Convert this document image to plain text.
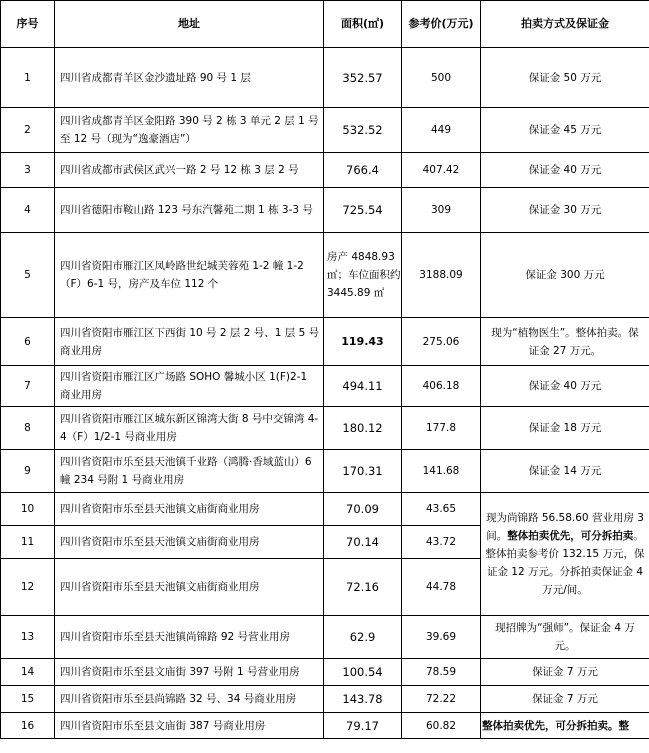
序号	地址	面积(㎡)	参考价(万元)	拍卖方式及保证金
1	四川省成都青羊区金沙遗址路 90 号 1 层	352.57	500	保证金 50 万元
2	四川省成都青羊区金阳路 390 号 2 栋 3 单元 2 层 1 号至 12 号（现为“逸豪酒店”）	532.52	449	保证金 45 万元
3	四川省成都市武侯区武兴一路 2 号 12 栋 3 层 2 号	766.4	407.42	保证金 40 万元
4	四川省德阳市鞍山路 123 号东汽馨苑二期 1 栋 3-3 号	725.54	309	保证金 30 万元
5	四川省资阳市雁江区凤岭路世纪城芙蓉苑 1-2 幢 1-2（F）6-1 号，房产及车位 112 个	房产 4848.93 ㎡；车位面积约 3445.89 ㎡	3188.09	保证金 300 万元
6	四川省资阳市雁江区下西街 10 号 2 层 2 号、1 层 5 号商业用房	119.43	275.06	现为“植物医生”。整体拍卖。保证金 27 万元。
7	四川省资阳市雁江区广场路 SOHO 馨城小区 1(F)2-1 商业用房	494.11	406.18	保证金 40 万元
8	四川省资阳市雁江区城东新区锦湾大街 8 号中交锦湾 4-4（F）1/2-1 号商业用房	180.12	177.8	保证金 18 万元
9	四川省资阳市乐至县天池镇千业路（鸿腾·香域蓝山）6 幢 234 号附 1 号商业用房	170.31	141.68	保证金 14 万元
10	四川省资阳市乐至县天池镇文庙街商业用房	70.09	43.65	现为尚锦路 56.58.60 营业用房 3 间。整体拍卖优先，可分拆拍卖。整体拍卖参考价 132.15 万元，保证金 12 万元。分拆拍卖保证金 4 万元/间。
11	四川省资阳市乐至县天池镇文庙街商业用房	70.14	43.72	
12	四川省资阳市乐至县天池镇文庙街商业用房	72.16	44.78	
13	四川省资阳市乐至县天池镇尚锦路 92 号营业用房	62.9	39.69	现招牌为“强师”。保证金 4 万元。
14	四川省资阳市乐至县文庙街 397 号附 1 号营业用房	100.54	78.59	保证金 7 万元
15	四川省资阳市乐至县尚锦路 32 号、34 号商业用房	143.78	72.22	保证金 7 万元
16	四川省资阳市乐至县文庙街 387 号商业用房	79.17	60.82	整体拍卖优先，可分拆拍卖。整
